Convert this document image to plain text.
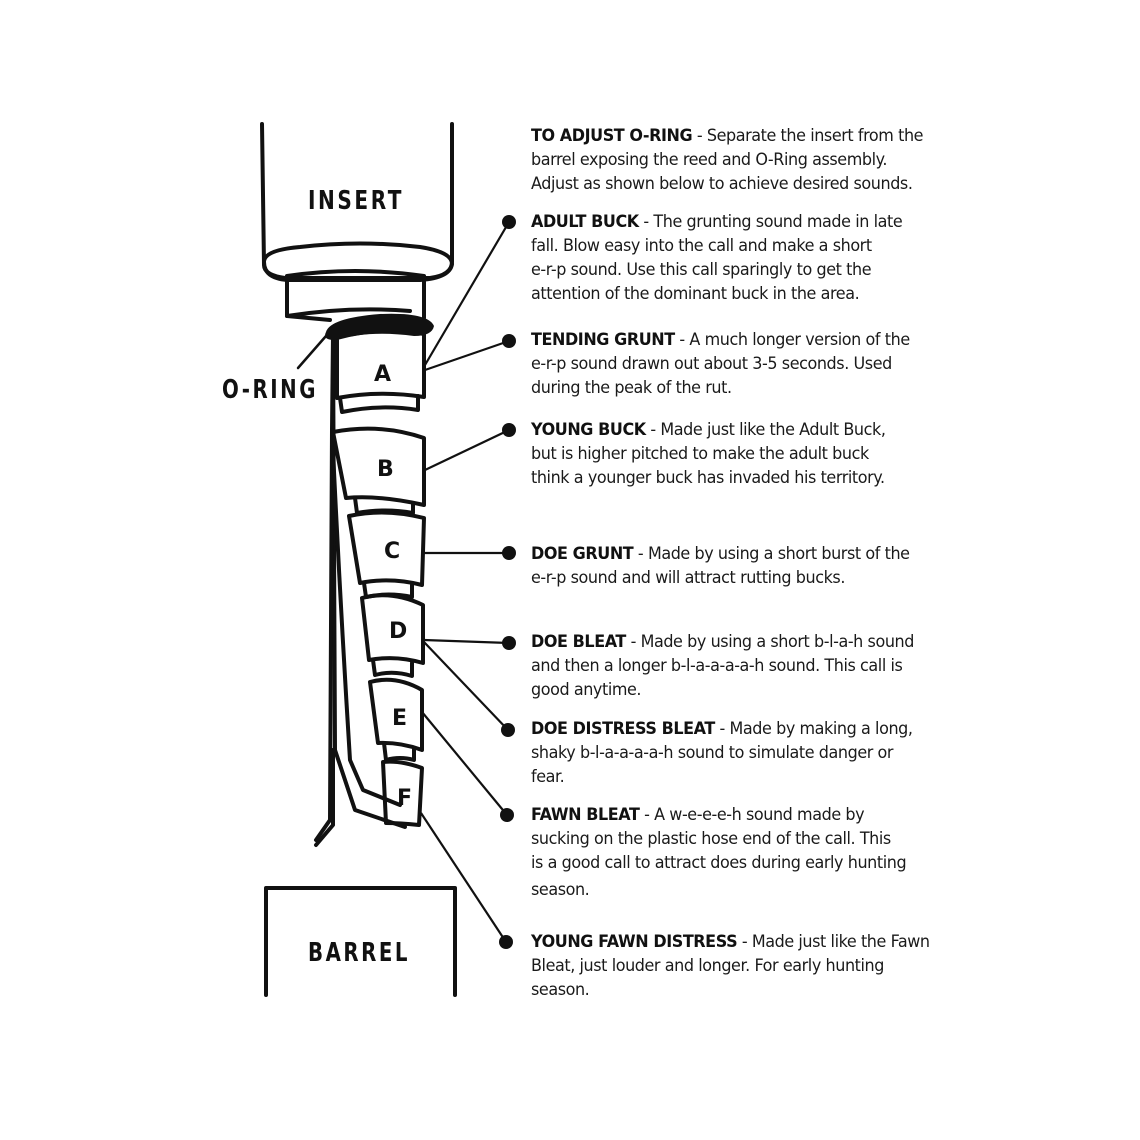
INSERT
O-RING
BARREL
A
B
C
D
E
F
TO ADJUST O-RING - Separate the insert from the
barrel exposing the reed and O-Ring assembly.
Adjust as shown below to achieve desired sounds.
ADULT BUCK - The grunting sound made in late
fall. Blow easy into the call and make a short
e-r-p sound. Use this call sparingly to get the
attention of the dominant buck in the area.
TENDING GRUNT - A much longer version of the
e-r-p sound drawn out about 3-5 seconds. Used
during the peak of the rut.
YOUNG BUCK - Made just like the Adult Buck,
but is higher pitched to make the adult buck
think a younger buck has invaded his territory.
DOE GRUNT - Made by using a short burst of the
e-r-p sound and will attract rutting bucks.
DOE BLEAT - Made by using a short b-l-a-h sound
and then a longer b-l-a-a-a-a-h sound. This call is
good anytime.
DOE DISTRESS BLEAT - Made by making a long,
shaky b-l-a-a-a-a-h sound to simulate danger or
fear.
FAWN BLEAT - A w-e-e-e-h sound made by
sucking on the plastic hose end of the call. This
is a good call to attract does during early hunting
season.
YOUNG FAWN DISTRESS - Made just like the Fawn
Bleat, just louder and longer. For early hunting
season.
